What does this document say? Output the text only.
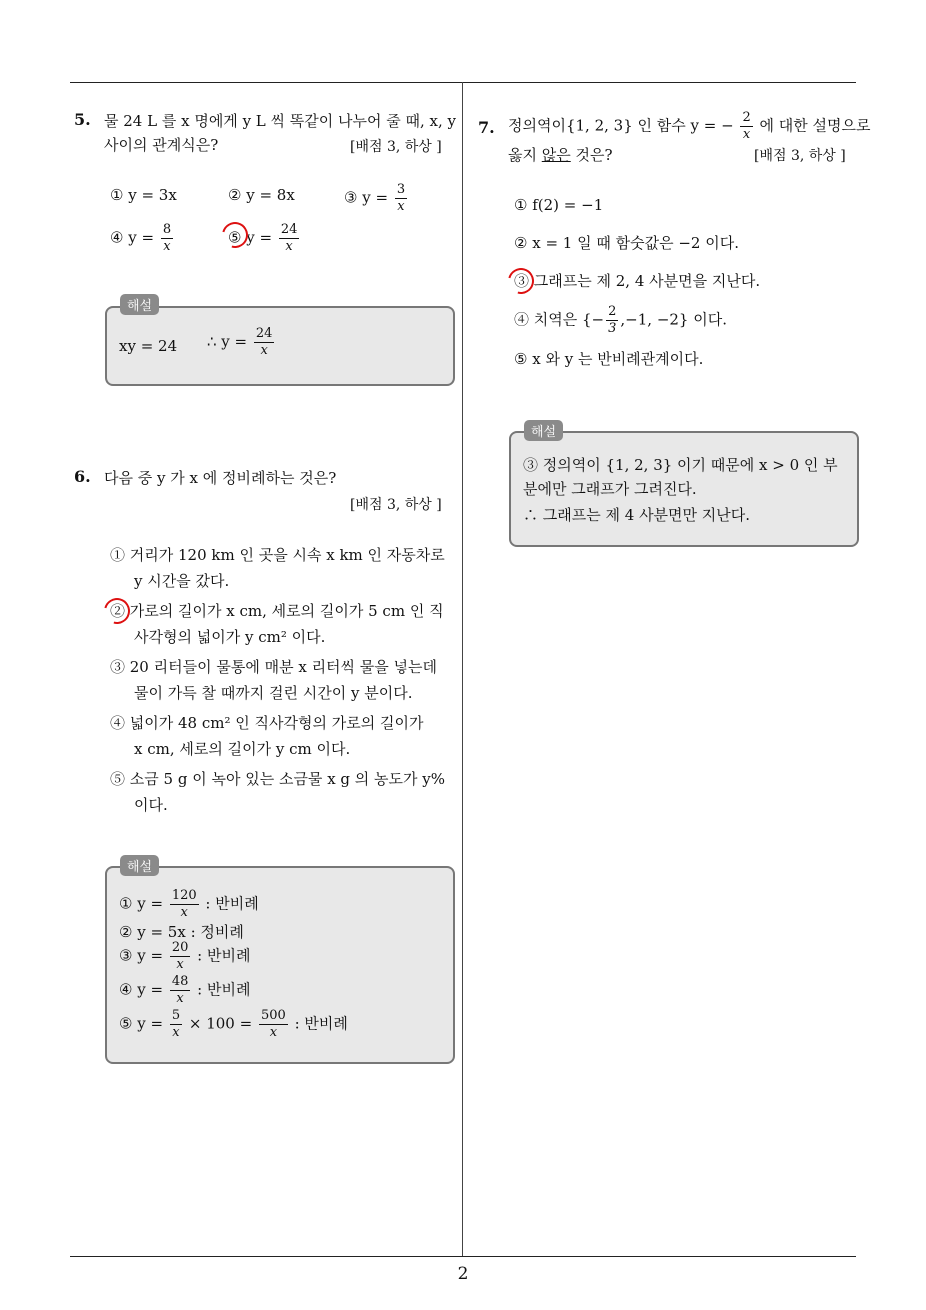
5. 물 24 L 를 x 명에게 y L 씩 똑같이 나누어 줄 때, x, y
사이의 관계식은?	[배점 3, 하상 ]
① y = 3x	② y = 8x	③ $y = \frac{3}{x}$
④ $y = \frac{8}{x}$	⑤ $y = \frac{24}{x}$
xy = 24 ∴ $y = \frac{24}{x}$
해설
6. 다음 중 y 가 x 에 정비례하는 것은?
[배점 3, 하상 ]
① 거리가 120 km 인 곳을 시속 x km 인 자동차로
y 시간을 갔다.
② 가로의 길이가 x cm, 세로의 길이가 5 cm 인 직
사각형의 넓이가 y cm² 이다.
③ 20 리터들이 물통에 매분 x 리터씩 물을 넣는데
물이 가득 찰 때까지 걸린 시간이 y 분이다.
④ 넓이가 48 cm² 인 직사각형의 가로의 길이가
x cm, 세로의 길이가 y cm 이다.
⑤ 소금 5 g 이 녹아 있는 소금물 x g 의 농도가 y%
이다.
① $y = \frac{120}{x}$ : 반비례
② y = 5x : 정비례
③ $y = \frac{20}{x}$ : 반비례
④ $y = \frac{48}{x}$ : 반비례
⑤ $y = \frac{5}{x} \times 100 = \frac{500}{x}$ : 반비례
해설
7. 정의역이{1, 2, 3} 인 함수 y = − $\frac{2}{x}$ 에 대한 설명으로
옳지 않은 것은?	[배점 3, 하상 ]
① f(2) = −1
② x = 1 일 때 함숫값은 −2 이다.
③ 그래프는 제 2, 4 사분면을 지난다.
④ 치역은 {− $\frac{2}{3} ,-1$, −2} 이다.
⑤ x 와 y 는 반비례관계이다.
③ 정의역이 {1, 2, 3} 이기 때문에 x > 0 인 부
분에만 그래프가 그려진다.
∴ 그래프는 제 4 사분면만 지난다.
해설
2
